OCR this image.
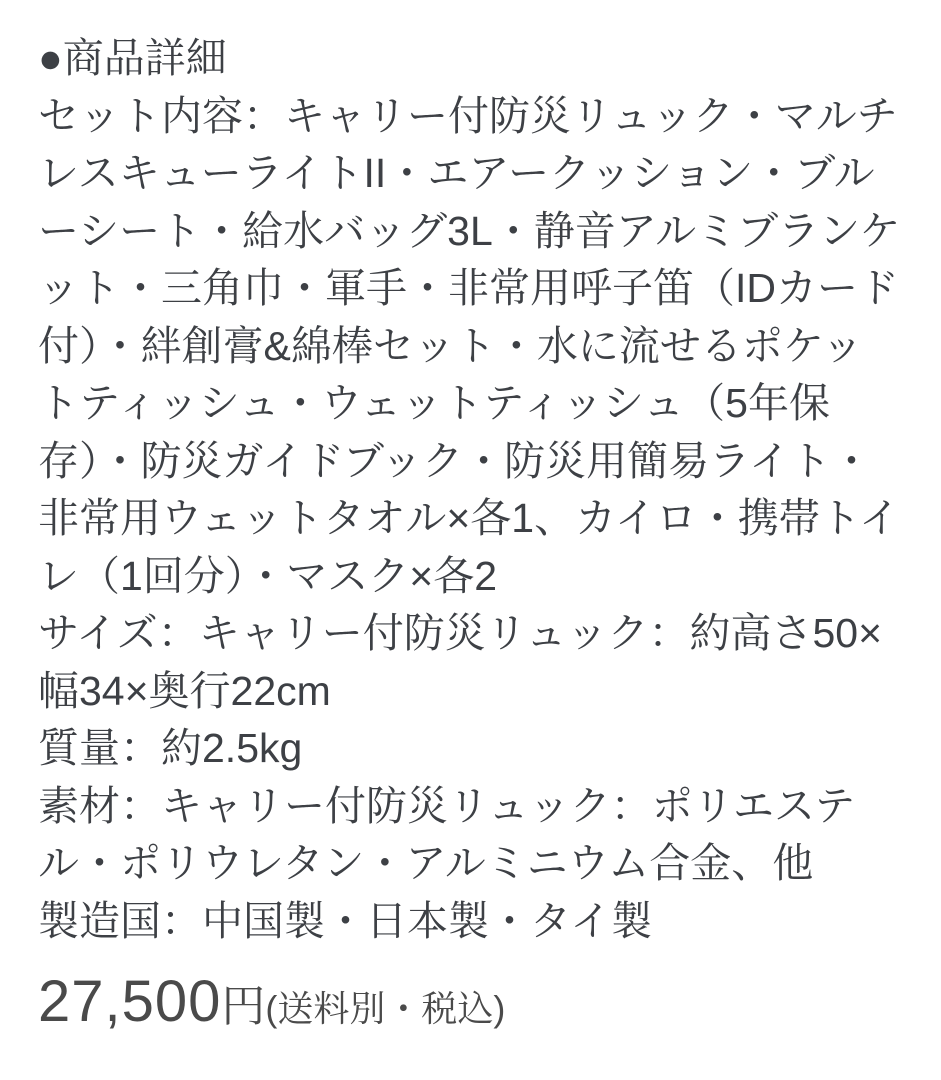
●商品詳細

セット内容：キャリー付防災リュック・マルチレスキューライトII・エアークッション・ブルーシート・給水バッグ3L・静音アルミブランケット・三角巾・軍手・非常用呼子笛（IDカード付）・絆創膏&綿棒セット・水に流せるポケットティッシュ・ウェットティッシュ（5年保存）・防災ガイドブック・防災用簡易ライト・非常用ウェットタオル×各1、カイロ・携帯トイレ（1回分）・マスク×各2

サイズ：キャリー付防災リュック：約高さ50×幅34×奥行22cm

質量：約2.5kg

素材：キャリー付防災リュック：ポリエステル・ポリウレタン・アルミニウム合金、他

製造国：中国製・日本製・タイ製

27,500円(送料別・税込)
